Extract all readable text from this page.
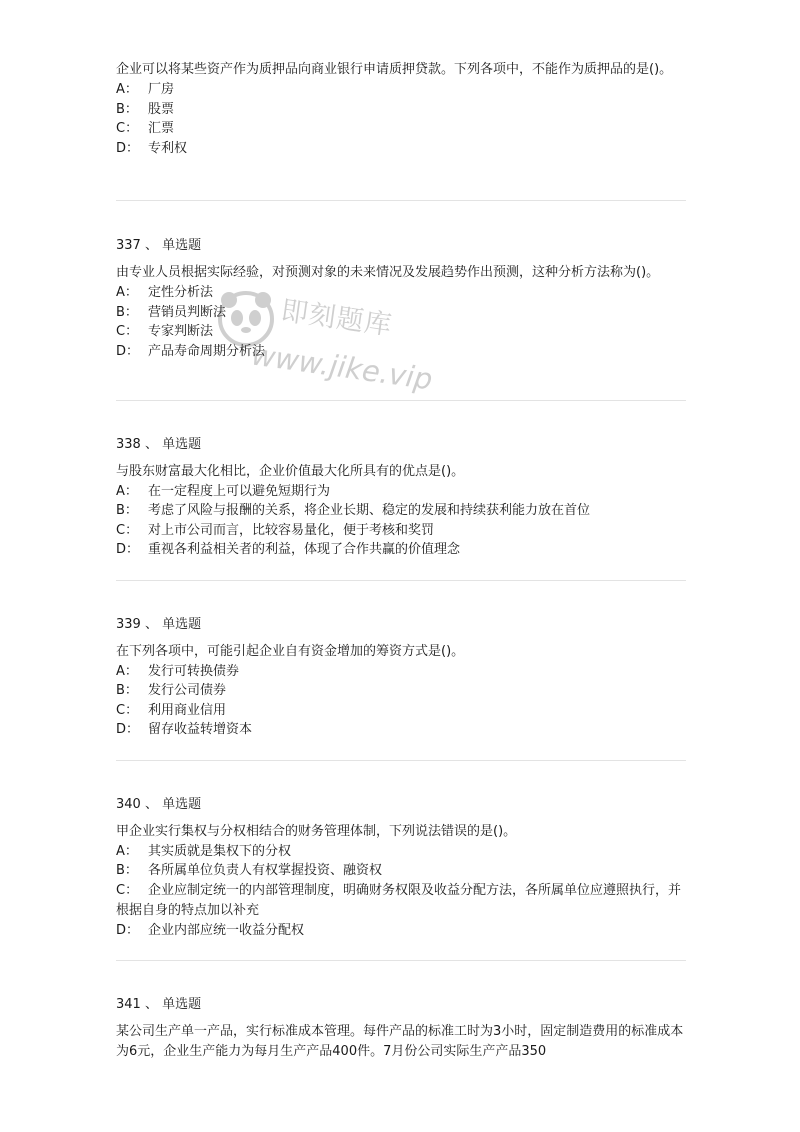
企业可以将某些资产作为质押品向商业银行申请质押贷款。下列各项中，不能作为质押品的是()。
A： 厂房
B： 股票
C： 汇票
D： 专利权
337 、 单选题
由专业人员根据实际经验，对预测对象的未来情况及发展趋势作出预测，这种分析方法称为()。
A： 定性分析法
B： 营销员判断法
C： 专家判断法
D： 产品寿命周期分析法
338 、 单选题
与股东财富最大化相比，企业价值最大化所具有的优点是()。
A： 在一定程度上可以避免短期行为
B： 考虑了风险与报酬的关系，将企业长期、稳定的发展和持续获利能力放在首位
C： 对上市公司而言，比较容易量化，便于考核和奖罚
D： 重视各利益相关者的利益，体现了合作共赢的价值理念
339 、 单选题
在下列各项中，可能引起企业自有资金增加的筹资方式是()。
A： 发行可转换债券
B： 发行公司债券
C： 利用商业信用
D： 留存收益转增资本
340 、 单选题
甲企业实行集权与分权相结合的财务管理体制，下列说法错误的是()。
A： 其实质就是集权下的分权
B： 各所属单位负责人有权掌握投资、融资权
C： 企业应制定统一的内部管理制度，明确财务权限及收益分配方法，各所属单位应遵照执行，并根据自身的特点加以补充
D： 企业内部应统一收益分配权
341 、 单选题
某公司生产单一产品，实行标准成本管理。每件产品的标准工时为3小时，固定制造费用的标准成本为6元，企业生产能力为每月生产产品400件。7月份公司实际生产产品350
即刻题库
www.jike.vip
